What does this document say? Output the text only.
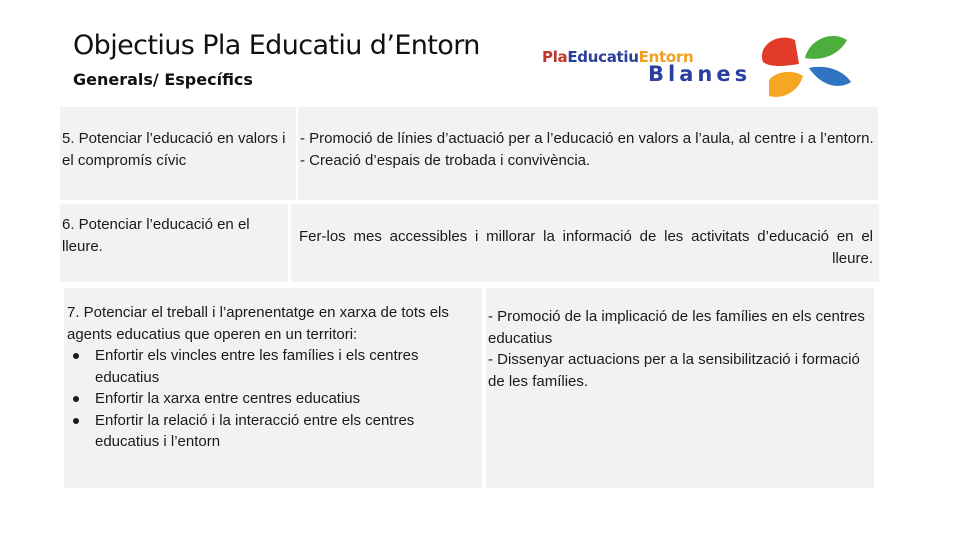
Objectius Pla Educatiu d’Entorn
Generals/ Específics
PlaEducatiuEntorn
Blanes

5. Potenciar l’educació en valors i el compromís cívic

- Promoció de línies d’actuació per a l’educació en valors a l’aula, al centre i a l’entorn.

- Creació d’espais de trobada i convivència.

6. Potenciar l’educació en el lleure.

Fer-los mes accessibles i millorar la informació de les activitats d’educació en el lleure.

7. Potenciar el treball i l’aprenentatge en xarxa de tots els agents educatius que operen en un territori:

Enfortir els vincles entre les famílies i els centres educatius
Enfortir la xarxa entre centres educatius
Enfortir la relació i la interacció entre els centres educatius i l’entorn

- Promoció de la implicació de les famílies en els centres educatius

- Dissenyar actuacions per a la sensibilització i formació de les famílies.
